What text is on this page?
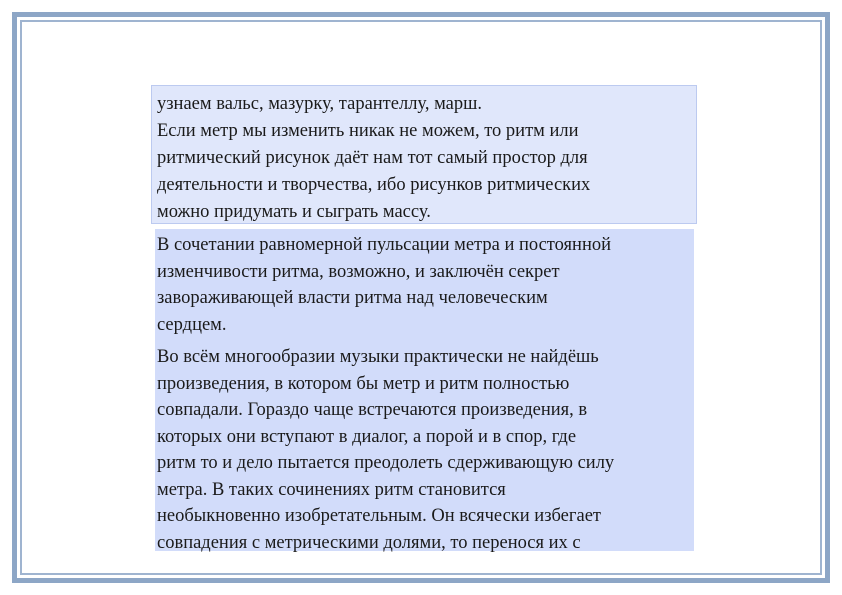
узнаем вальс, мазурку, тарантеллу, марш.
Если метр мы изменить никак не можем, то ритм или
ритмический рисунок даёт нам тот самый простор для
деятельности и творчества, ибо рисунков ритмических
можно придумать и сыграть массу.
В сочетании равномерной пульсации метра и постоянной
изменчивости ритма, возможно, и заключён секрет
завораживающей власти ритма над человеческим
сердцем.
Во всём многообразии музыки практически не найдёшь
произведения, в котором бы метр и ритм полностью
совпадали. Гораздо чаще встречаются произведения, в
которых они вступают в диалог, а порой и в спор, где
ритм то и дело пытается преодолеть сдерживающую силу
метра. В таких сочинениях ритм становится
необыкновенно изобретательным. Он всячески избегает
совпадения с метрическими долями, то перенося их с
